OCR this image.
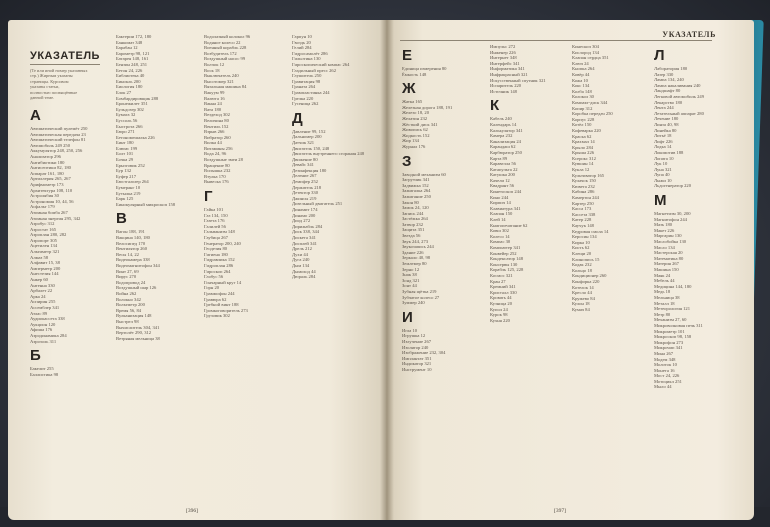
УКАЗАТЕЛЬ
(Те или иной номер указанных
стр.) Жирным указаны
страницы. Курсивом
указаны статьи,
полностью посвящённые
данной теме.
А
Автоматический пулемёт 250
Автоматическая передача 23
Автоматический телефон 81
Автомобиль 249 250
Аккумулятор 248, 250, 256
Анализатор 296
Антибиотики 180
Антисептики 82, 180
Аппарат 161, 180
Артиллерия 265, 267
Арифмометр 173
Архитектура 108, 110
Астролябия 30
Астрономия 10, 44, 56
Асфальт 179
Атомная бомба 267
Атомная энергия 295, 342
Аэробус 312
Аэростат 165
Аэроплан 280, 282
Аэропорт 305
Ацетилен 134
Альтиметр 321
Алмаз 58
Алфавит 15, 38
Амперметр 200
Анестезия 144
Анкер 60
Антенна 330
Арбалет 22
Арка 24
Аспирин 255
Ассемблер 341
Атлас 89
Аудиокассета 338
Аукцион 120
Афиша 176
Аэродинамика 284
Аэрозоль 311
Б
Бакелит 255
Баллистика 98
Бактерии 172, 180
Банкомат 348
Барабан 12
Барометр 98, 121
Батарея 148, 161
Бензин 248, 251
Бетон 24, 226
Библиотека 40
Бинокль 200
Биология 180
Блок 27
Бомбардировщик 288
Бронежилет 351
Бульдозер 302
Бумага 32
Буссоль 56
Быстрота 266
Бюро 271
Бетономешалка 226
Бинт 180
Блюмс 199
Болт 101
Бочка 29
Брызговик 252
Бур 132
Буфер 217
Бюстгальтер 264
Бумеранг 10
Бутылка 219
Барк 125
Бинокулярный микроскоп 158
В
Вагон 188, 191
Вакцина 140, 180
Велосипед 170
Вентилятор 260
Весы 14, 22
Видеокамера 338
Видеомагнитофон 344
Винт 27, 69
Вирус 270
Водопровод 24
Воздушный шар 126
Война 262
Волокно 342
Вольтметр 200
Время 56, 84
Вулканизация 148
Выстрел 98
Вычислитель 304, 341
Вертолёт 290, 312
Ветряная мельница 38
Водолазный колокол 96
Водяное колесо 22
Военный корабль 228
Возбудитель 172
Воздушный насос 99
Волчок 12
Воск 18
Выключатель 240
Высотомер 321
Вязальная машина 84
Вакуум 99
Валюта 16
Ванна 24
Вата 180
Вездеход 302
Величина 80
Вентиль 152
Взрыв 266
Вибратор 260
Вилка 44
Витамины 256
Вода 24, 96
Воздушные змеи 28
Вращение 80
Вспышка 232
Втулка 170
Вывеска 176
Г
Гайка 101
Газ 134, 150
Газета 176
Галилей 56
Гальванизм 148
Гаубица 267
Генератор 200, 240
Геодезия 80
Гигиена 180
Гидравлика 152
Гидроплан 286
Гироскоп 264
Глобус 56
Гончарный круг 14
Горн 20
Граммофон 244
Гравюра 62
Гребной винт 188
Громкоговоритель 273
Грузовик 302
Гарпун 10
Гвоздь 20
Гелий 284
Гидросамолёт 286
Гильотина 130
Гироскопический компас 264
Гладильный пресс 262
Глушитель 250
Гравитация 98
Граната 264
Грампластинка 244
Грелка 220
Гусеница 262
Д
Давление 99, 152
Дальномер 200
Датчик 321
Двигатель 150, 248
Двигатель внутреннего сгорания 248
Движение 80
Девайс 341
Дезинфекция 180
Деление 267
Демпфер 252
Держатель 218
Детектор 330
Джинсы 219
Дизельный двигатель 251
Динамит 174
Динамо 200
Диод 272
Дирижабль 284
Диск 338, 344
Дискета 341
Дисплей 341
Дрель 212
Духи 44
Дуга 240
Дым 134
Дымоход 44
Дюраль 284
[396]
УКАЗАТЕЛЬ
Е
Единица измерения 80
Ёмкость 148
Ж
Жатка 165
Железная дорога 188, 191
Железо 18, 20
Желатин 232
Жёсткий диск 341
Живопись 62
Жидкость 152
Жир 134
Журнал 176
З
Заводной механизм 60
Загрузчик 341
Задвижка 152
Зажигалка 264
Зажигание 250
Закон 80
Замок 24, 120
Запись 244
Застёжка 264
Затвор 232
Защита 351
Звезда 56
Звук 244, 273
Звукозапись 244
Здание 226
Зеркало 40, 98
Землемер 80
Зерно 12
Знак 38
Зонд 321
Зонт 44
Зубная щётка 219
Зубчатое колесо 27
Зуммер 240
И
Игла 10
Игрушка 12
Излучение 267
Изолятор 240
Изображение 232, 304
Имплантат 351
Индикатор 321
Инструмент 10
Импульс 272
Инженер 226
Интернет 348
Интерфейс 341
Информатика 341
Инфракрасный 321
Искусственный спутник 321
Испаритель 220
Источник 148
К
Кабель 240
Календарь 14
Калькулятор 341
Камера 232
Канализация 24
Карандаш 62
Карбюратор 250
Карта 89
Каравелла 56
Катапульта 22
Катушка 200
Качели 12
Квадрант 56
Кинетоскоп 244
Кино 244
Кирпич 14
Клавиатура 341
Клапан 150
Клей 14
Книгопечатание 62
Ковш 302
Колесо 14
Компас 30
Компьютер 341
Конвейер 252
Конденсатор 148
Консервы 130
Корабль 125, 228
Космос 321
Кран 27
Кремний 341
Кристалл 330
Кровать 44
Кузница 20
Купол 24
Курок 98
Кухня 220
Кинескоп 304
Кислород 134
Клапан сердца 351
Ключ 24
Кнопка 264
Ковёр 44
Кожа 10
Кокс 134
Колба 148
Колокол 30
Компакт-диск 344
Копир 312
Коробка передач 250
Корпус 228
Котёл 150
Кофеварка 220
Краска 62
Крахмал 14
Крыло 284
Крыша 226
Ксерокс 312
Кувшин 14
Кукла 12
Культиватор 165
Кулачок 150
Кювета 232
Кабина 286
Камертон 244
Картер 250
Касса 173
Кассета 338
Катер 228
Каучук 148
Кедровая смола 14
Керосин 134
Кирка 10
Кисть 62
Клещи 20
Клинопись 15
Кодак 232
Кольцо 18
Кондиционер 260
Конфорка 220
Котелок 14
Кресло 44
Кружево 84
Кулон 18
Кумач 84
Л
Лаборатория 180
Лазер 330
Лампа 134, 240
Лампа накаливания 240
Ландшафт 80
Легковой автомобиль 249
Лекарство 180
Лента 244
Летательный аппарат 280
Лечение 180
Линза 40, 98
Линейка 80
Литьё 18
Лифт 226
Лодка 14
Локомотив 188
Лопата 10
Лук 10
Луна 321
Лупа 40
Лыжи 10
Льдогенератор 220
М
Магнетизм 30, 200
Магнитофон 244
Мазь 180
Макет 226
Маргарин 130
Маслобойка 130
Масло 134
Мастерская 20
Математика 80
Материя 267
Машина 150
Маяк 24
Мебель 44
Медицина 144, 180
Медь 18
Мельница 38
Металл 18
Метеорология 121
Метр 80
Механизм 27, 60
Микроволновая печь 311
Микрометр 101
Микроскоп 98, 158
Микрофон 273
Микрочип 341
Мина 267
Модем 348
Молоток 10
Монета 16
Мост 24, 226
Мотоцикл 251
Мыло 44
[397]
